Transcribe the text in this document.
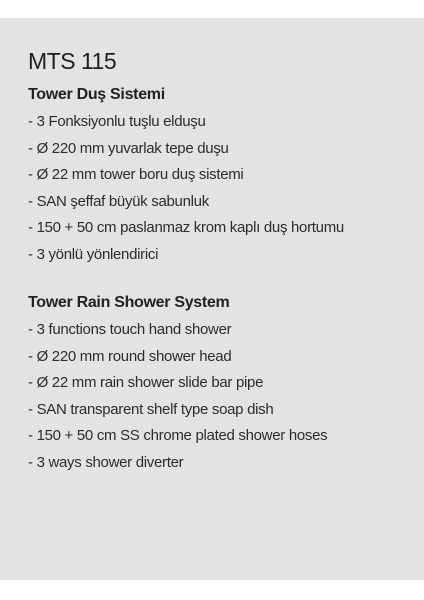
MTS 115
Tower Duş Sistemi
- 3 Fonksiyonlu tuşlu elduşu
- Ø 220 mm yuvarlak tepe duşu
- Ø 22 mm tower boru duş sistemi
- SAN şeffaf büyük sabunluk
- 150 + 50 cm paslanmaz krom kaplı duş hortumu
- 3 yönlü yönlendirici
Tower Rain Shower System
- 3 functions touch hand shower
- Ø 220 mm round shower head
- Ø 22 mm rain shower slide bar pipe
- SAN transparent shelf type soap dish
- 150 + 50 cm SS chrome plated shower hoses
- 3 ways shower diverter
